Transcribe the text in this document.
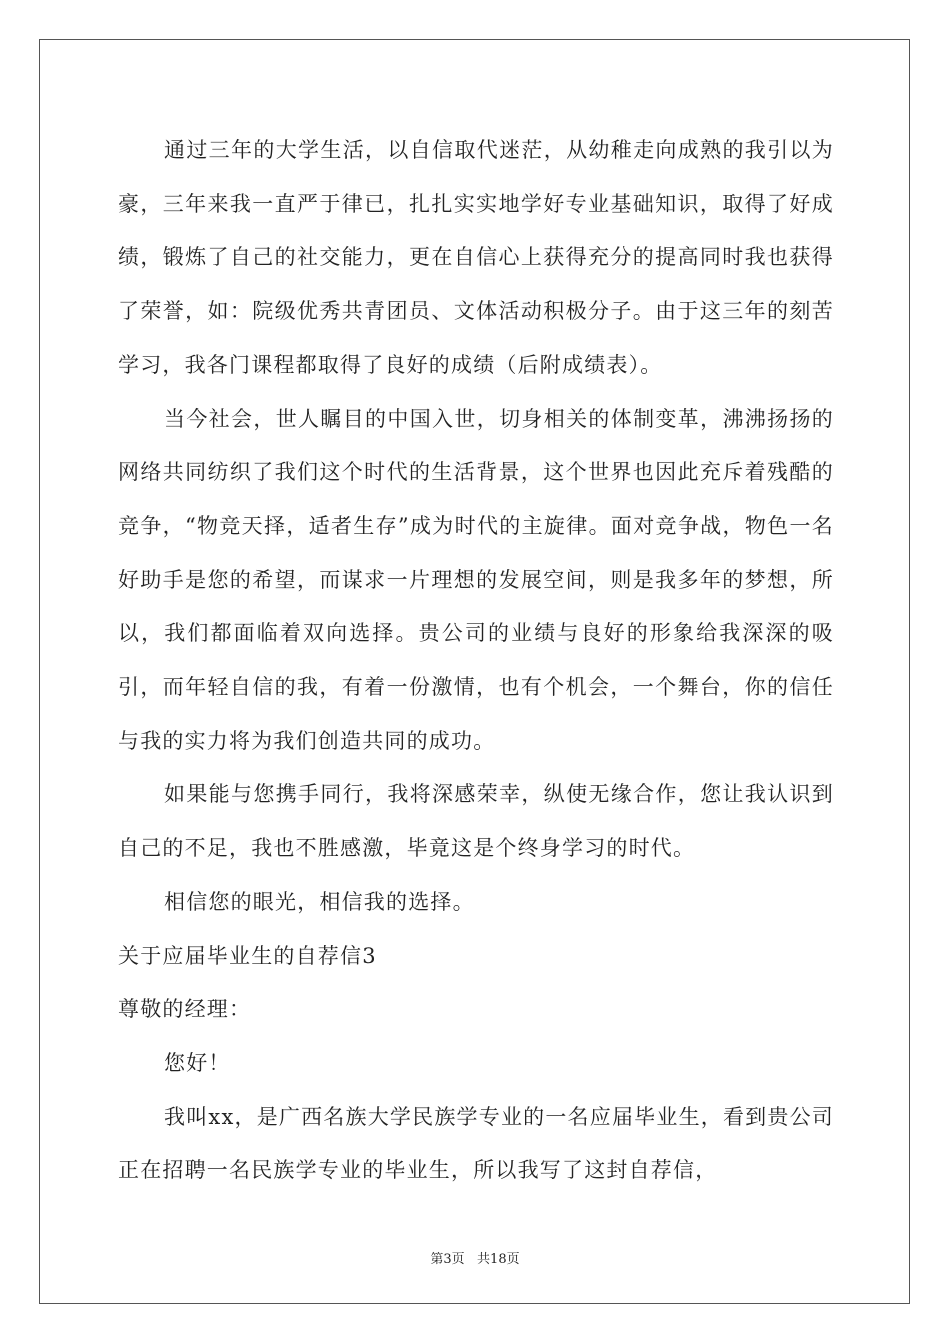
通过三年的大学生活，以自信取代迷茫，从幼稚走向成熟的我引以为豪，三年来我一直严于律已，扎扎实实地学好专业基础知识，取得了好成绩，锻炼了自己的社交能力，更在自信心上获得充分的提高同时我也获得了荣誉，如：院级优秀共青团员、文体活动积极分子。由于这三年的刻苦学习，我各门课程都取得了良好的成绩（后附成绩表）。

当今社会，世人瞩目的中国入世，切身相关的体制变革，沸沸扬扬的网络共同纺织了我们这个时代的生活背景，这个世界也因此充斥着残酷的竞争，“物竞天择，适者生存”成为时代的主旋律。面对竞争战，物色一名好助手是您的希望，而谋求一片理想的发展空间，则是我多年的梦想，所以，我们都面临着双向选择。贵公司的业绩与良好的形象给我深深的吸引，而年轻自信的我，有着一份激情，也有个机会，一个舞台，你的信任与我的实力将为我们创造共同的成功。

如果能与您携手同行，我将深感荣幸，纵使无缘合作，您让我认识到自己的不足，我也不胜感激，毕竟这是个终身学习的时代。

相信您的眼光，相信我的选择。

关于应届毕业生的自荐信3

尊敬的经理：

您好！

我叫xx，是广西名族大学民族学专业的一名应届毕业生，看到贵公司正在招聘一名民族学专业的毕业生，所以我写了这封自荐信，

第3页   共18页
